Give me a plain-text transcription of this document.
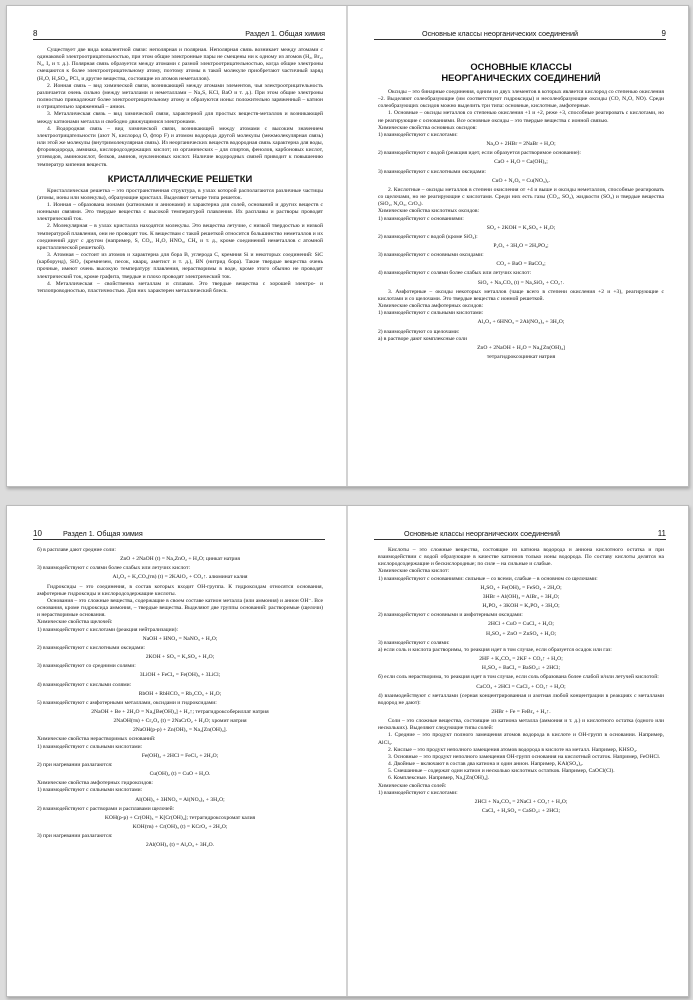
8	Раздел 1. Общая химия

Существует две вида ковалентной связи: неполярная и полярная. Неполярная связь возникает между атомами с одинаковой электроотрицательностью, при этом общие электронные пары не смещены ни к одному из атомов (H₂, Br₂, N₂, I₂ и т. д.). Полярная связь образуется между атомами с разной электроотрицательностью, когда общие электроны смещаются к более электроотрицательному атому, поэтому атомы в такой молекуле приобретают частичный заряд (H₂O, H₂SO₄, PCl₅ и другие вещества, состоящие из атомов неметаллов).

2. Ионная связь – вид химической связи, возникающей между атомами элементов, чья электроотрицательность различается очень сильно (между металлами и неметаллами – Na₂S, KCl, BaO и т. д.). При этом общие электроны полностью принадлежат более электроотрицательному атому и образуются ионы: положительно заряженный – катион и отрицательно заряженный – анион.

3. Металлическая связь – вид химической связи, характерной для простых веществ-металлов и возникающей между катионами металла и свободно движущимися электронами.

4. Водородная связь – вид химической связи, возникающей между атомами с высоким значением электроотрицательности (азот N, кислород O, фтор F) и атомом водорода другой молекулы (межмолекулярная связь) или этой же молекулы (внутримолекулярная связь). Из неорганических веществ водородная связь характерна для воды, фтороводорода, аммиака, кислородсодержащих кислот; из органических – для спиртов, фенолов, карбоновых кислот, углеводов, аминокислот, белков, аминов, нуклеиновых кислот. Наличие водородных связей приводит к повышению температур кипения веществ.

КРИСТАЛЛИЧЕСКИЕ РЕШЕТКИ

Кристаллическая решетка – это пространственная структура, в узлах которой располагаются различные частицы (атомы, ионы или молекулы), образующие кристалл. Выделяют четыре типа решеток.

1. Ионная – образована ионами (катионами и анионами) и характерна для солей, оснований и других веществ с ионными связями. Это твердые вещества с высокой температурой плавления. Их расплавы и растворы проводят электрический ток.

2. Молекулярная – в узлах кристалла находятся молекулы. Это вещества летучие, с низкой твердостью и низкой температурой плавления, они не проводят ток. К веществам с такой решеткой относится большинство неметаллов и их соединений друг с другом (например, S, CO₂, H₂O, HNO₃, CH₄ и т. д., кроме соединений неметаллов с атомной кристаллической решеткой).

3. Атомная – состоит из атомов и характерна для бора B, углерода C, кремния Si и некоторых соединений: SiC (карборунд), SiO₂ (кремнезем, песок, кварц, аметист и т. д.), BN (нитрид бора). Такие твердые вещества очень прочные, имеют очень высокую температуру плавления, нерастворимы в воде, кроме этого обычно не проводят электрический ток, кроме графита, твердые и плохо проводят электрический ток.

4. Металлическая – свойственна металлам и сплавам. Это твердые вещества с хорошей электро- и теплопроводностью, пластичностью. Для них характерен металлический блеск.

Основные классы неорганических соединений	9
ОСНОВНЫЕ КЛАССЫ
НЕОРГАНИЧЕСКИХ СОЕДИНЕНИЙ

Оксиды – это бинарные соединения, одним из двух элементов в которых является кислород со степенью окисления –2. Выделяют солеобразующие (им соответствуют гидроксиды) и несолеобразующие оксиды (CO, N₂O, NO). Среди солеобразующих оксидов можно выделить три типа: основные, кислотные, амфотерные.

1. Основные – оксиды металлов со степенью окисления +1 и +2, реже +3, способные реагировать с кислотами, но не реагирующие с основаниями. Все основные оксиды – это твердые вещества с ионной связью.

Химические свойства основных оксидов:

1) взаимодействуют с кислотами:

Na₂O + 2HBr = 2NaBr + H₂O;

2) взаимодействуют с водой (реакция идет, если образуется растворимое основание):

CaO + H₂O = Ca(OH)₂;

3) взаимодействуют с кислотными оксидами:

CuO + N₂O₅ = Cu(NO₃)₂.

2. Кислотные – оксиды металлов в степени окисления от +4 и выше и оксиды неметаллов, способные реагировать со щелочами, но не реагирующие с кислотами. Среди них есть газы (CO₂, SO₂), жидкости (SO₃) и твердые вещества (SiO₂, N₂O₅, CrO₃).

Химические свойства кислотных оксидов:

1) взаимодействуют с основаниями:

SO₂ + 2KOH = K₂SO₃ + H₂O;

2) взаимодействуют с водой (кроме SiO₂):

P₂O₅ + 3H₂O = 2H₃PO₄;

3) взаимодействуют с основными оксидами:

CO₂ + BaO = BaCO₃;

4) взаимодействуют с солями более слабых или летучих кислот:

SiO₂ + Na₂CO₃ (t) = Na₂SiO₃ + CO₂↑.

3. Амфотерные – оксиды некоторых металлов (чаще всего в степени окисления +2 и +3), реагирующие с кислотами и со щелочами. Это твердые вещества с ионной решеткой.

Химические свойства амфотерных оксидов:

1) взаимодействуют с сильными кислотами:

Al₂O₃ + 6HNO₃ = 2Al(NO₃)₃ + 3H₂O;

2) взаимодействуют со щелочами:

а) в растворе дают комплексные соли

ZnO + 2NaOH + H₂O = Na₂[Zn(OH)₄]

тетрагидроксоцинкат натрия

10	Раздел 1. Общая химия

б) в расплаве дают средние соли:

ZnO + 2NaOH (t) = Na₂ZnO₂ + H₂O; цинкат натрия

3) взаимодействуют с солями более слабых или летучих кислот:

Al₂O₃ + K₂CO₃(тв) (t) = 2KAlO₂ + CO₂↑. алюминат калия

Гидроксиды – это соединения, в состав которых входит OH-группа. К гидроксидам относятся основания, амфотерные гидроксиды и кислородсодержащие кислоты.

Основания – это сложные вещества, содержащие в своем составе катион металла (или аммония) и анион OH⁻. Все основания, кроме гидроксида аммония, – твердые вещества. Выделяют две группы оснований: растворимые (щелочи) и нерастворимые основания.

Химические свойства щелочей:

1) взаимодействуют с кислотами (реакция нейтрализации):

NaOH + HNO₃ = NaNO₃ + H₂O;

2) взаимодействуют с кислотными оксидами:

2KOH + SO₃ = K₂SO₄ + H₂O;

3) взаимодействуют со средними солями:

3LiOH + FeCl₃ = Fe(OH)₃ + 3LiCl;

4) взаимодействуют с кислыми солями:

RbOH + RbHCO₃ = Rb₂CO₃ + H₂O;

5) взаимодействуют с амфотерными металлами, оксидами и гидроксидами:

2NaOH + Be + 2H₂O = Na₂[Be(OH)₄] + H₂↑; тетрагидроксобериллат натрия

2NaOH(тв) + Cr₂O₃ (t) = 2NaCrO₂ + H₂O; хромит натрия

2NaOH(р-р) + Zn(OH)₂ = Na₂[Zn(OH)₄].

Химические свойства нерастворимых оснований:

1) взаимодействуют с сильными кислотами:

Fe(OH)₂ + 2HCl = FeCl₂ + 2H₂O;

2) при нагревании разлагаются:

Cu(OH)₂ (t) = CuO + H₂O.

Химические свойства амфотерных гидроксидов:

1) взаимодействуют с сильными кислотами:

Al(OH)₃ + 3HNO₃ = Al(NO₃)₃ + 3H₂O;

2) взаимодействуют с растворами и расплавами щелочей:

KOH(р-р) + Cr(OH)₃ = K[Cr(OH)₄]; тетрагидроксохромат калия

KOH(тв) + Cr(OH)₃ (t) = KCrO₂ + 2H₂O;

3) при нагревании разлагаются:

2Al(OH)₃ (t) = Al₂O₃ + 3H₂O.

Основные классы неорганических соединений	11

Кислоты – это сложные вещества, состоящие из катиона водорода и аниона кислотного остатка и при взаимодействии с водой образующие в качестве катионов только ионы водорода. По составу кислоты делятся на кислородсодержащие и бескислородные; по силе – на сильные и слабые.

Химические свойства кислот:

1) взаимодействуют с основаниями: сильные – со всеми, слабые – в основном со щелочами:

H₂SO₄ + Fe(OH)₂ = FeSO₄ + 2H₂O;

3HBr + Al(OH)₃ = AlBr₃ + 3H₂O;

H₃PO₄ + 3KOH = K₃PO₄ + 3H₂O;

2) взаимодействуют с основными и амфотерными оксидами:

2HCl + CuO = CuCl₂ + H₂O;

H₂SO₄ + ZnO = ZnSO₄ + H₂O;

3) взаимодействуют с солями:

а) если соль и кислота растворимы, то реакция идет в том случае, если образуется осадок или газ:

2HF + K₂CO₃ = 2KF + CO₂↑ + H₂O;

H₂SO₄ + BaCl₂ = BaSO₄↓ + 2HCl;

б) если соль нерастворима, то реакция идет в том случае, если соль образована более слабой и/или летучей кислотой:

CaCO₃ + 2HCl = CaCl₂ + CO₂↑ + H₂O;

4) взаимодействуют с металлами (серная концентрированная и азотная любой концентрации в реакциях с металлами водород не дают):

2HBr + Fe = FeBr₂ + H₂↑.

Соли – это сложные вещества, состоящие из катиона металла (аммония и т. д.) и кислотного остатка (одного или нескольких). Выделяют следующие типы солей:

1. Средние – это продукт полного замещения атомов водорода в кислоте и OH-групп в основании. Например, AlCl₃.

2. Кислые – это продукт неполного замещения атомов водорода в кислоте на металл. Например, KHSO₄.

3. Основные – это продукт неполного замещения OH-групп основания на кислотный остаток. Например, FeOHCl.

4. Двойные – включают в состав два катиона и один анион. Например, KAl(SO₄)₂.

5. Смешанные – содержат один катион и несколько кислотных остатков. Например, CaOCl(Cl).

6. Комплексные. Например, Na₂[Zn(OH)₄].

Химические свойства солей:

1) взаимодействуют с кислотами:

2HCl + Na₂CO₃ = 2NaCl + CO₂↑ + H₂O;

CaCl₂ + H₂SO₄ = CaSO₄↓ + 2HCl;
